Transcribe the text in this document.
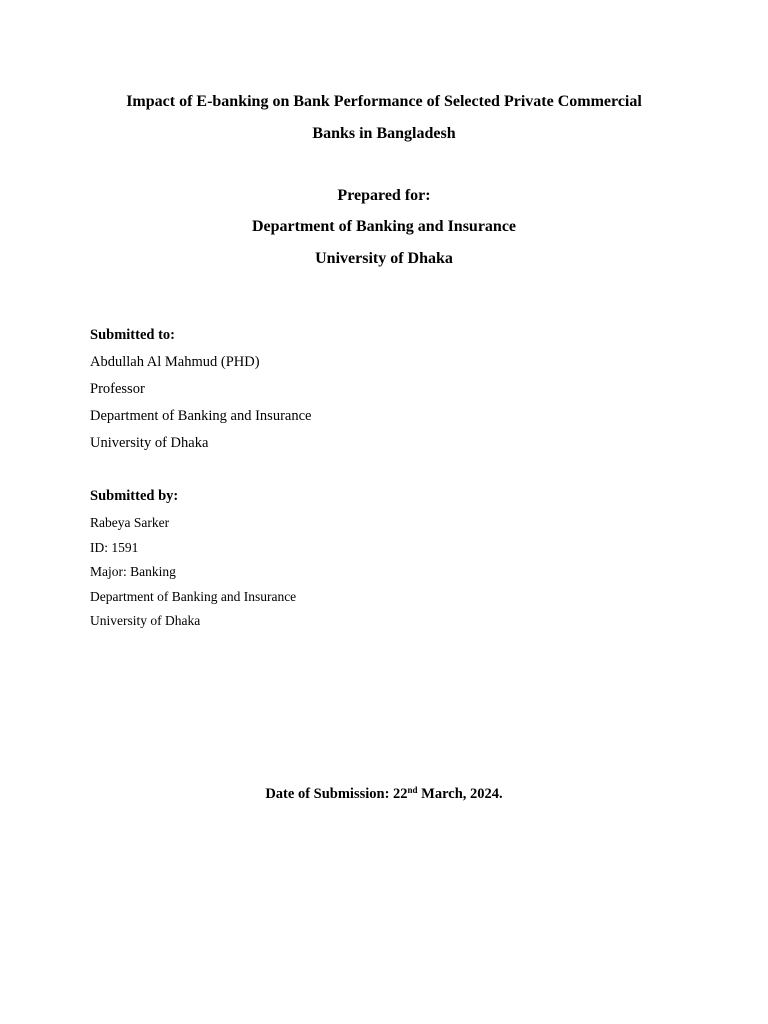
Impact of E-banking on Bank Performance of Selected Private Commercial
Banks in Bangladesh
Prepared for:
Department of Banking and Insurance
University of Dhaka
Submitted to:
Abdullah Al Mahmud (PHD)
Professor
Department of Banking and Insurance
University of Dhaka
Submitted by:
Rabeya Sarker
ID: 1591
Major: Banking
Department of Banking and Insurance
University of Dhaka
Date of Submission: 22nd March, 2024.
